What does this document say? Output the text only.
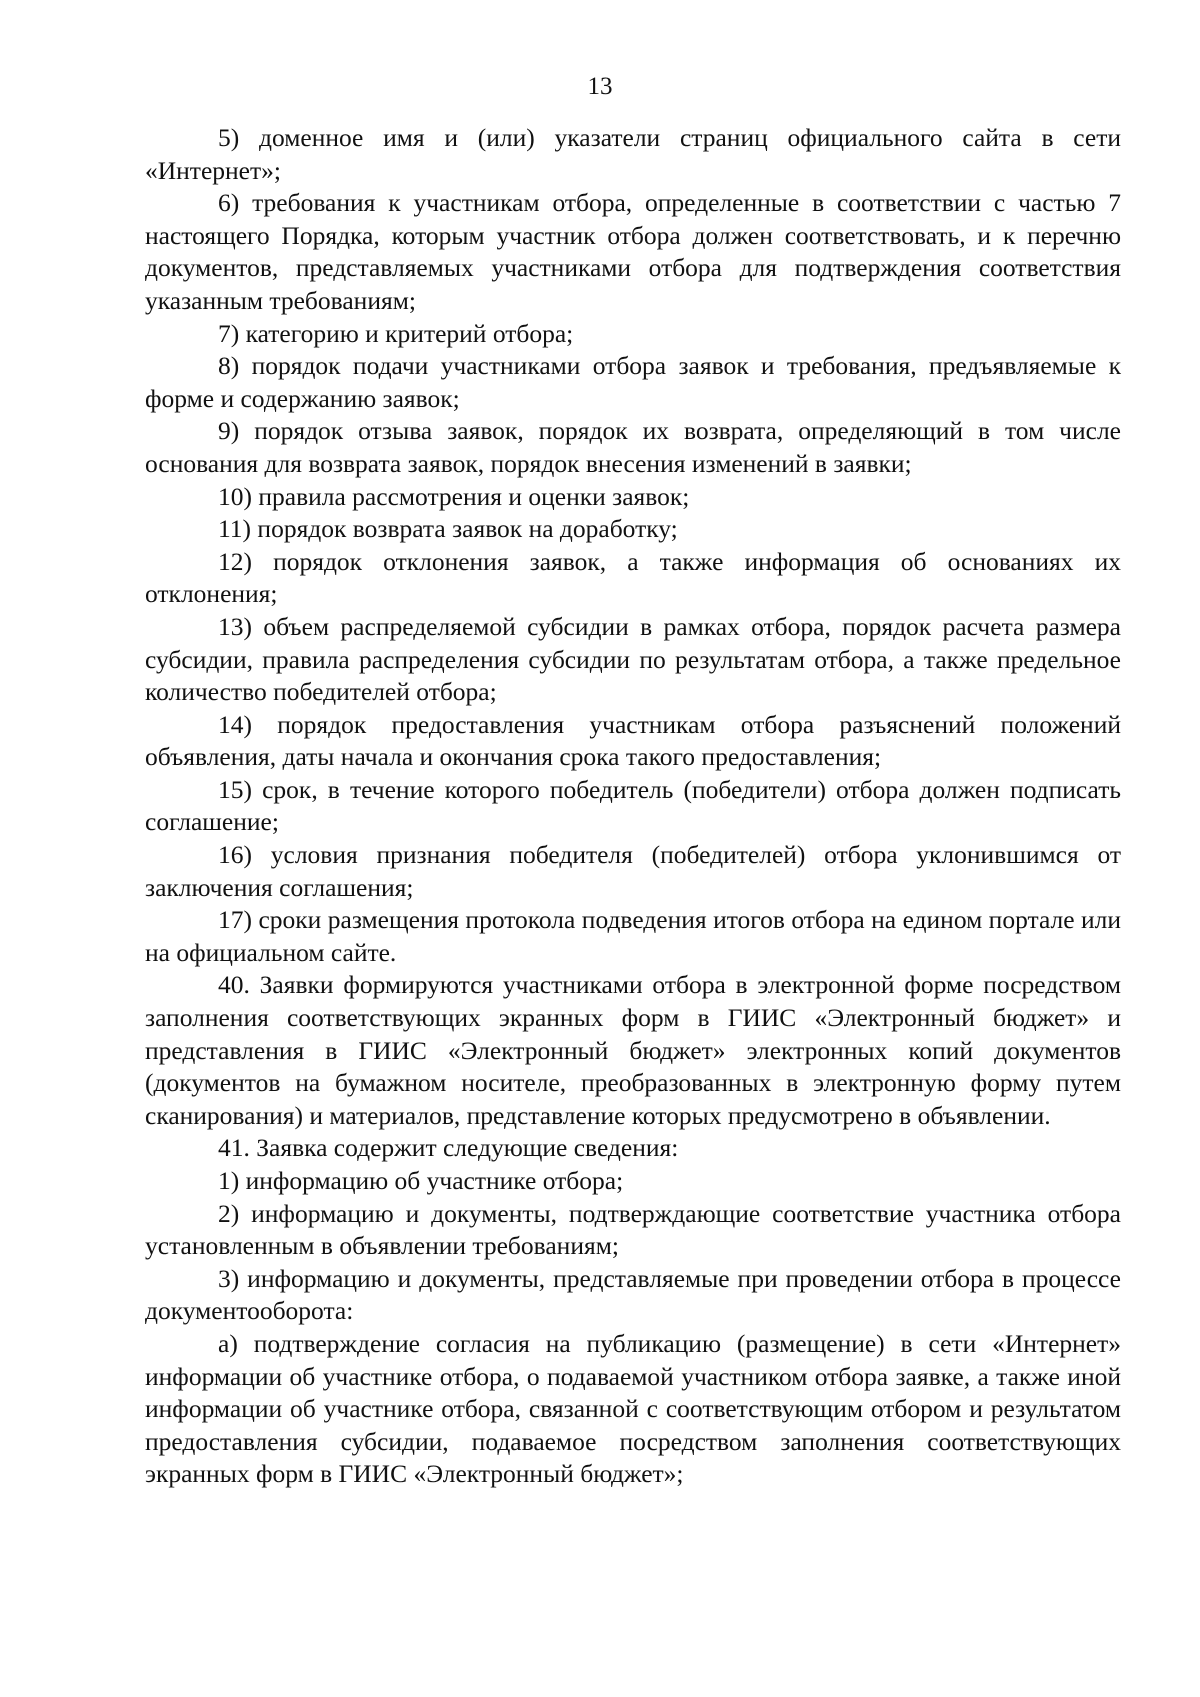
13

5) доменное имя и (или) указатели страниц официального сайта в сети «Интернет»;

6) требования к участникам отбора, определенные в соответствии с частью 7 настоящего Порядка, которым участник отбора должен соответствовать, и к перечню документов, представляемых участниками отбора для подтверждения соответствия указанным требованиям;

7) категорию и критерий отбора;

8) порядок подачи участниками отбора заявок и требования, предъявляемые к форме и содержанию заявок;

9) порядок отзыва заявок, порядок их возврата, определяющий в том числе основания для возврата заявок, порядок внесения изменений в заявки;

10) правила рассмотрения и оценки заявок;

11) порядок возврата заявок на доработку;

12) порядок отклонения заявок, а также информация об основаниях их отклонения;

13) объем распределяемой субсидии в рамках отбора, порядок расчета размера субсидии, правила распределения субсидии по результатам отбора, а также предельное количество победителей отбора;

14) порядок предоставления участникам отбора разъяснений положений объявления, даты начала и окончания срока такого предоставления;

15) срок, в течение которого победитель (победители) отбора должен подписать соглашение;

16) условия признания победителя (победителей) отбора уклонившимся от заключения соглашения;

17) сроки размещения протокола подведения итогов отбора на едином портале или на официальном сайте.

40. Заявки формируются участниками отбора в электронной форме посредством заполнения соответствующих экранных форм в ГИИС «Электронный бюджет» и представления в ГИИС «Электронный бюджет» электронных копий документов (документов на бумажном носителе, преобразованных в электронную форму путем сканирования) и материалов, представление которых предусмотрено в объявлении.

41. Заявка содержит следующие сведения:

1) информацию об участнике отбора;

2) информацию и документы, подтверждающие соответствие участника отбора установленным в объявлении требованиям;

3) информацию и документы, представляемые при проведении отбора в процессе документооборота:

а) подтверждение согласия на публикацию (размещение) в сети «Интернет» информации об участнике отбора, о подаваемой участником отбора заявке, а также иной информации об участнике отбора, связанной с соответствующим отбором и результатом предоставления субсидии, подаваемое посредством заполнения соответствующих экранных форм в ГИИС «Электронный бюджет»;
